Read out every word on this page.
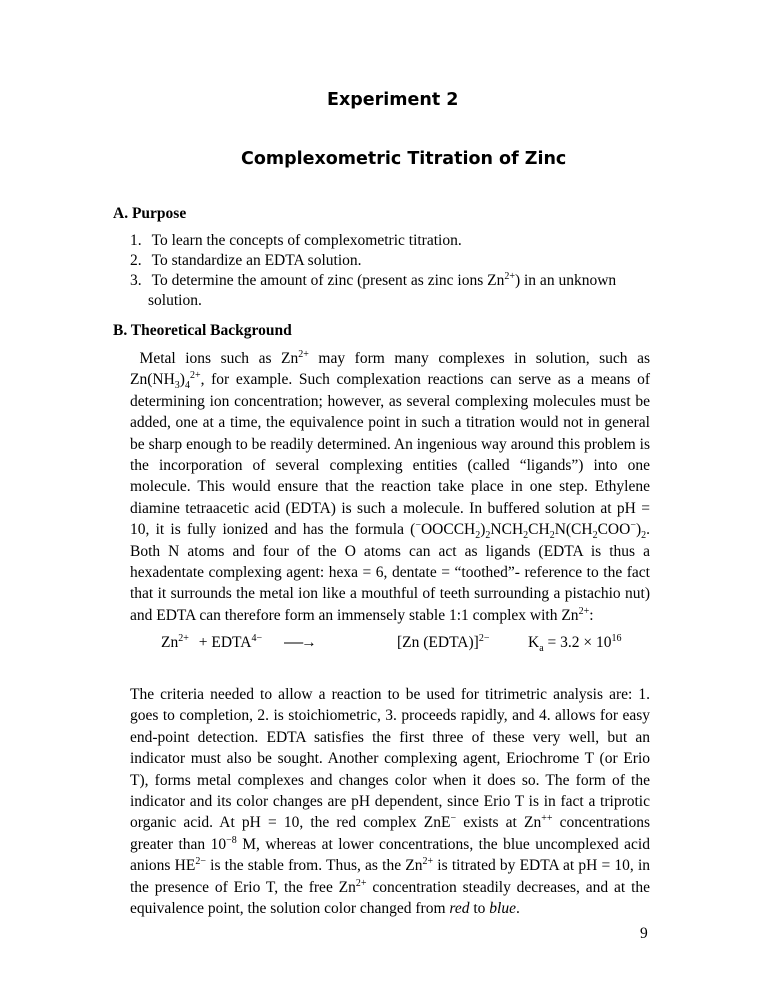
Experiment 2
Complexometric Titration of Zinc
A. Purpose
1. To learn the concepts of complexometric titration.
2. To standardize an EDTA solution.
3. To determine the amount of zinc (present as zinc ions $Zn^{2+}$) in an unknown
solution.
B. Theoretical Background

Metal ions such as $Zn^{2+}$ may form many complexes in solution, such as $Zn(NH_3)_4^{2+}$, for example. Such complexation reactions can serve as a means of determining ion concentration; however, as several complexing molecules must be added, one at a time, the equivalence point in such a titration would not in general be sharp enough to be readily determined. An ingenious way around this problem is the incorporation of several complexing entities (called “ligands”) into one molecule. This would ensure that the reaction take place in one step. Ethylene diamine tetraacetic acid (EDTA) is such a molecule. In buffered solution at pH = 10, it is fully ionized and has the formula $(^-OOCCH_2)_2NCH_2CH_2N(CH_2COO^-)_2$. Both N atoms and four of the O atoms can act as ligands (EDTA is thus a hexadentate complexing agent: hexa = 6, dentate = “toothed”- reference to the fact that it surrounds the metal ion like a mouthful of teeth surrounding a pistachio nut) and EDTA can therefore form an immensely stable 1:1 complex with $Zn^{2+}$:

$Zn^{2+}$ + $EDTA^{4-}$ ⎯⎯⎯→	[Zn (EDTA)]$^{2-}$ $K_a = 3.2 \times 10^{16}$

The criteria needed to allow a reaction to be used for titrimetric analysis are: 1. goes to completion, 2. is stoichiometric, 3. proceeds rapidly, and 4. allows for easy end-point detection. EDTA satisfies the first three of these very well, but an indicator must also be sought. Another complexing agent, Eriochrome T (or Erio T), forms metal complexes and changes color when it does so. The form of the indicator and its color changes are pH dependent, since Erio T is in fact a triprotic organic acid. At pH = 10, the red complex ZnE− exists at Zn++ concentrations greater than $10^{-8}$ M, whereas at lower concentrations, the blue uncomplexed acid anions $HE^{2-}$ is the stable from. Thus, as the $Zn^{2+}$ is titrated by EDTA at pH = 10, in the presence of Erio T, the free $Zn^{2+}$ concentration steadily decreases, and at the equivalence point, the solution color changed from red to blue.

9
